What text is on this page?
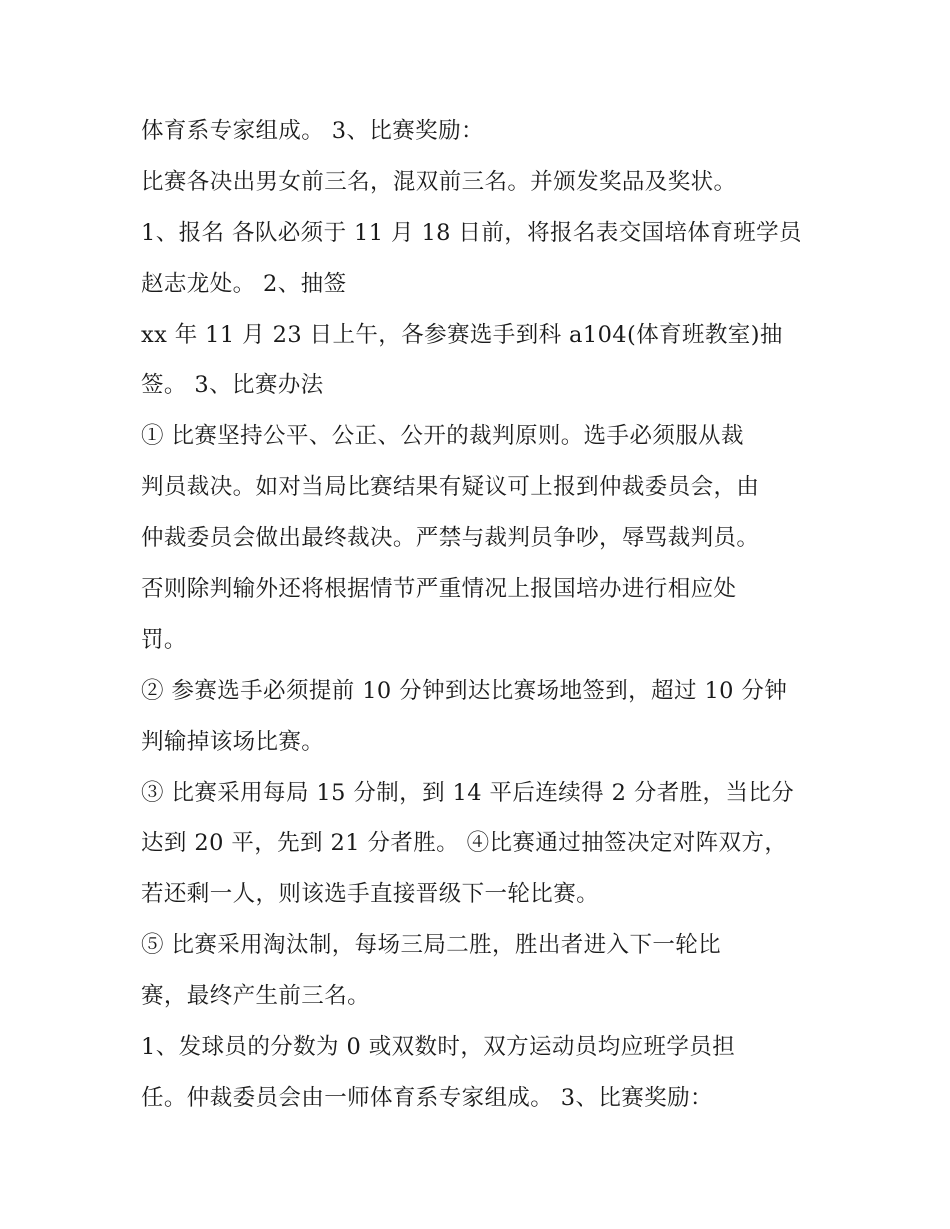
体育系专家组成。 3、比赛奖励：
比赛各决出男女前三名，混双前三名。并颁发奖品及奖状。
1、报名 各队必须于 11 月 18 日前，将报名表交国培体育班学员
赵志龙处。 2、抽签
xx 年 11 月 23 日上午，各参赛选手到科 a104(体育班教室)抽
签。 3、比赛办法
① 比赛坚持公平、公正、公开的裁判原则。选手必须服从裁
判员裁决。如对当局比赛结果有疑议可上报到仲裁委员会，由
仲裁委员会做出最终裁决。严禁与裁判员争吵，辱骂裁判员。
否则除判输外还将根据情节严重情况上报国培办进行相应处
罚。
② 参赛选手必须提前 10 分钟到达比赛场地签到，超过 10 分钟
判输掉该场比赛。
③ 比赛采用每局 15 分制，到 14 平后连续得 2 分者胜，当比分
达到 20 平，先到 21 分者胜。 ④比赛通过抽签决定对阵双方，
若还剩一人，则该选手直接晋级下一轮比赛。
⑤ 比赛采用淘汰制，每场三局二胜，胜出者进入下一轮比
赛，最终产生前三名。
1、发球员的分数为 0 或双数时，双方运动员均应班学员担
任。仲裁委员会由一师体育系专家组成。 3、比赛奖励：
